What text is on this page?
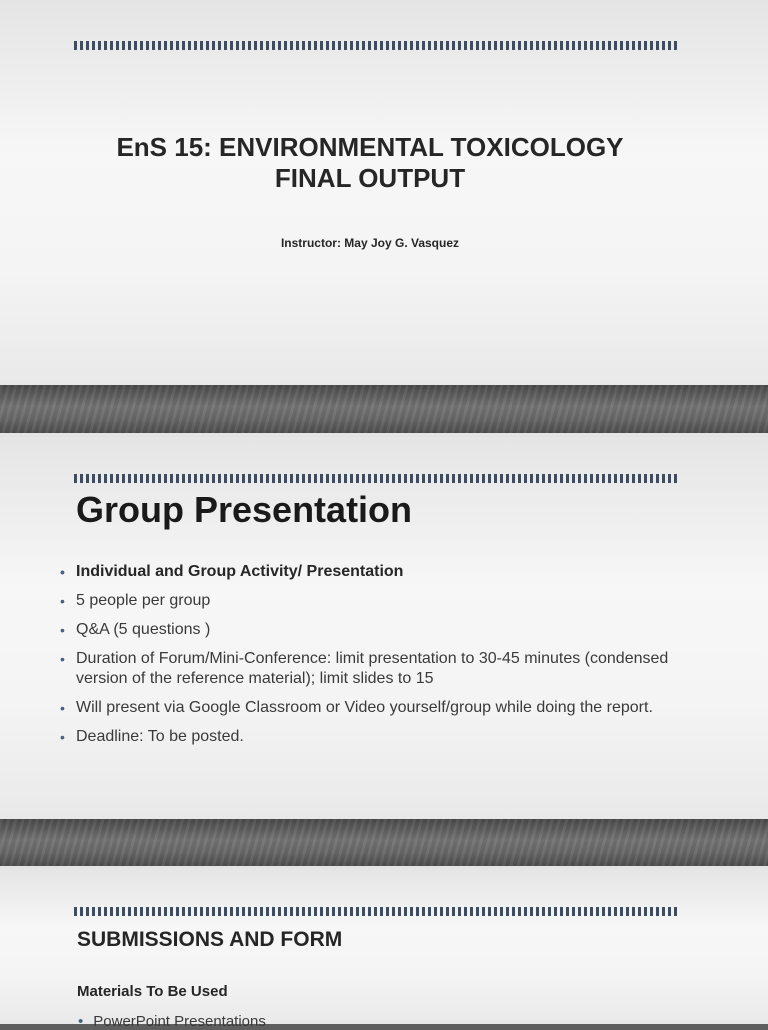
EnS 15: ENVIRONMENTAL TOXICOLOGY
FINAL OUTPUT
Instructor: May Joy G. Vasquez
Group Presentation
• Individual and Group Activity/ Presentation
• 5 people per group
• Q&A (5 questions )
• Duration of Forum/Mini-Conference: limit presentation to 30-45 minutes (condensed version of the reference material); limit slides to 15
• Will present via Google Classroom or Video yourself/group while doing the report.
• Deadline: To be posted.
SUBMISSIONS AND FORM
Materials To Be Used
• PowerPoint Presentations
